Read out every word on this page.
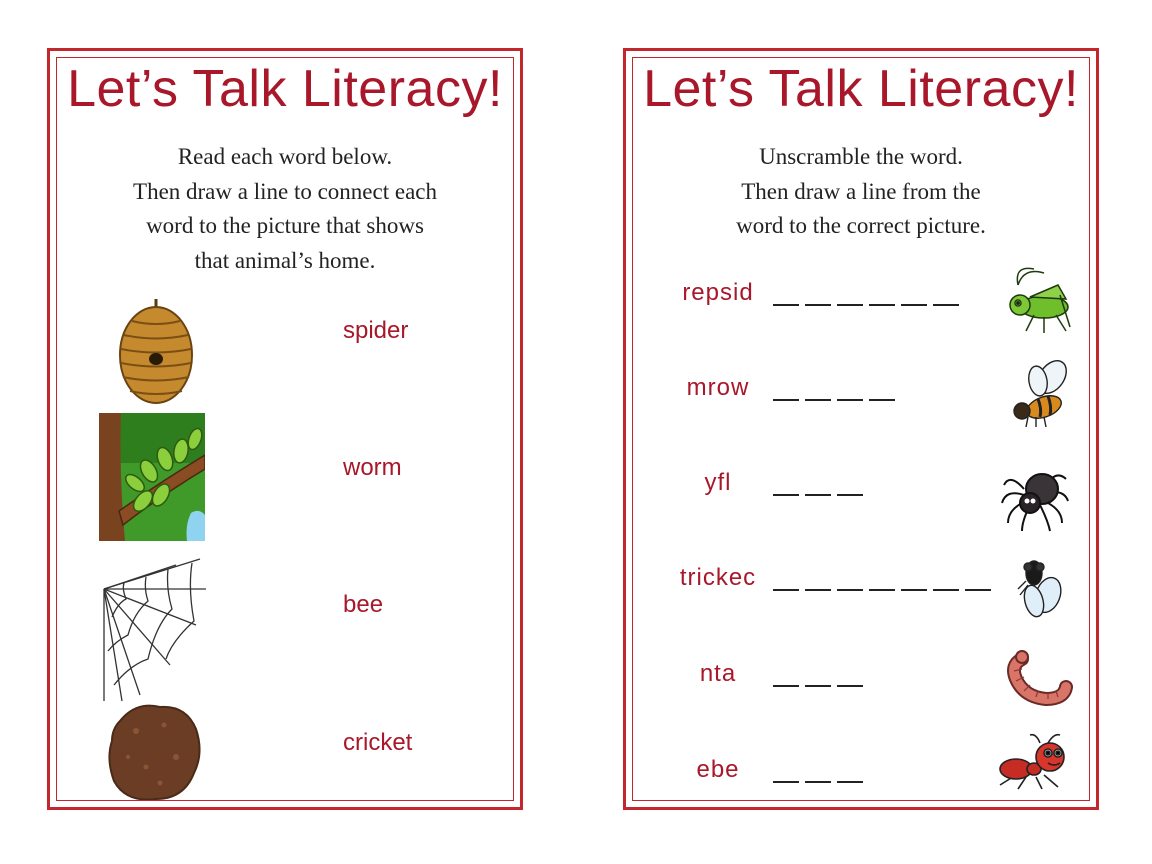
Let’s Talk Literacy!
Read each word below.
Then draw a line to connect each
word to the picture that shows
that animal’s home.
spider
worm
bee
cricket
Let’s Talk Literacy!
Unscramble the word.
Then draw a line from the
word to the correct picture.
repsid
mrow
yfl
trickec
nta
ebe
